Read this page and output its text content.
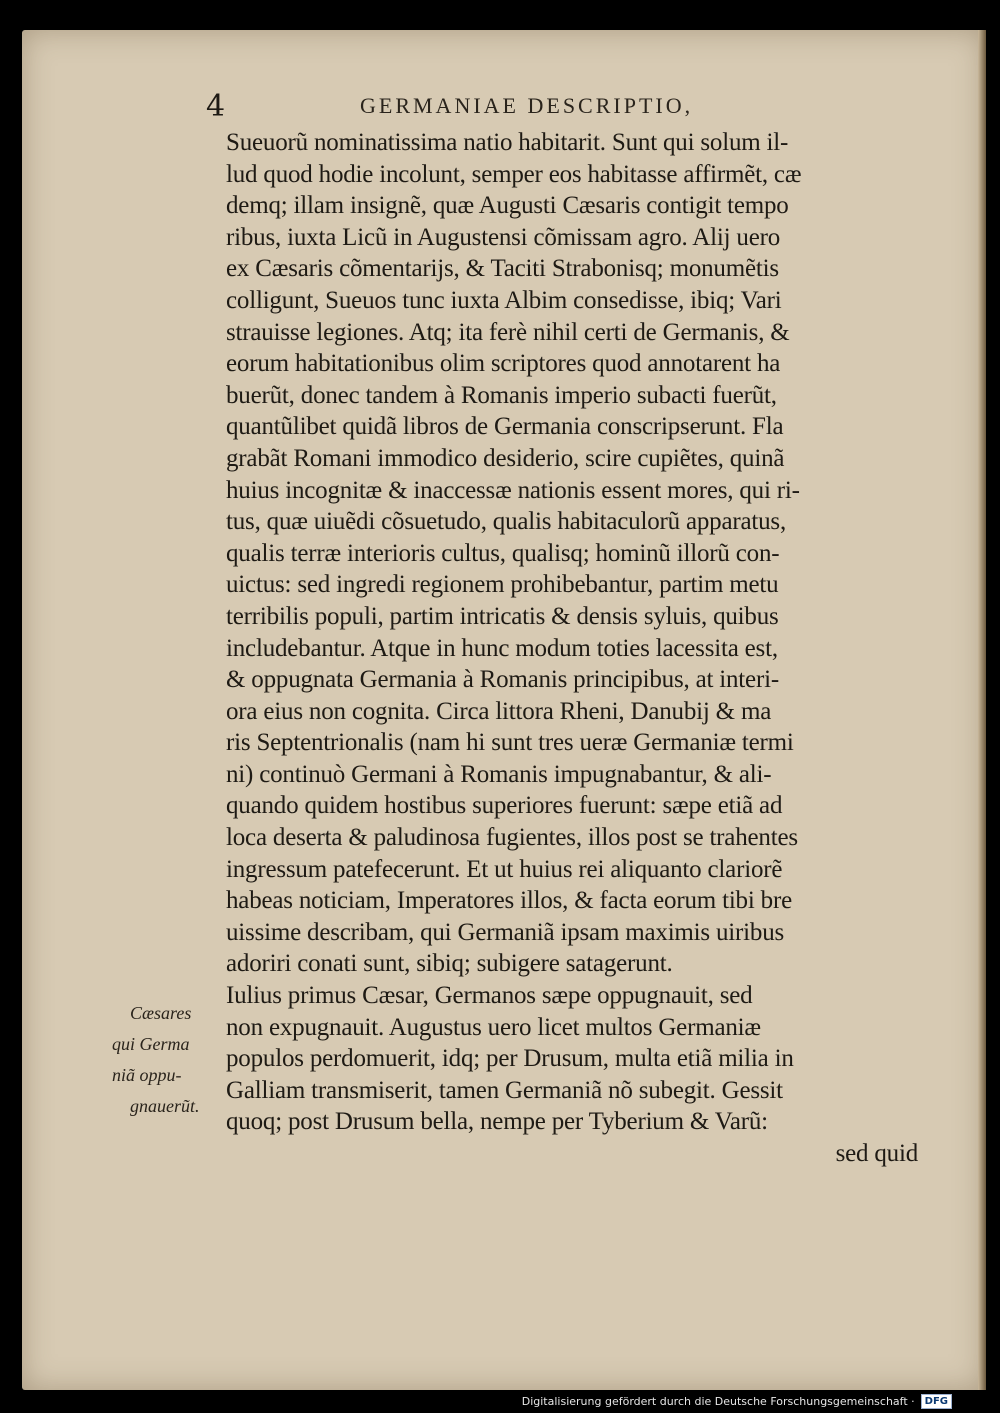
4	GERMANIAE DESCRIPTIO,
Sueuorũ nominatissima natio habitarit. Sunt qui solum il-
lud quod hodie incolunt, semper eos habitasse affirmẽt, cæ
demq; illam insignẽ, quæ Augusti Cæsaris contigit tempo
ribus, iuxta Licũ in Augustensi cõmissam agro. Alij uero
ex Cæsaris cõmentarijs, & Taciti Strabonisq; monumẽtis
colligunt, Sueuos tunc iuxta Albim consedisse, ibiq; Vari
strauisse legiones. Atq; ita ferè nihil certi de Germanis, &
eorum habitationibus olim scriptores quod annotarent ha
buerũt, donec tandem à Romanis imperio subacti fuerũt,
quantũlibet quidã libros de Germania conscripserunt. Fla
grabãt Romani immodico desiderio, scire cupiẽtes, quinã
huius incognitæ & inaccessæ nationis essent mores, qui ri-
tus, quæ uiuẽdi cõsuetudo, qualis habitaculorũ apparatus,
qualis terræ interioris cultus, qualisq; hominũ illorũ con-
uictus: sed ingredi regionem prohibebantur, partim metu
terribilis populi, partim intricatis & densis syluis, quibus
includebantur. Atque in hunc modum toties lacessita est,
& oppugnata Germania à Romanis principibus, at interi-
ora eius non cognita. Circa littora Rheni, Danubij & ma
ris Septentrionalis (nam hi sunt tres ueræ Germaniæ termi
ni) continuò Germani à Romanis impugnabantur, & ali-
quando quidem hostibus superiores fuerunt: sæpe etiã ad
loca deserta & paludinosa fugientes, illos post se trahentes
ingressum patefecerunt. Et ut huius rei aliquanto clariorẽ
habeas noticiam, Imperatores illos, & facta eorum tibi bre
uissime describam, qui Germaniã ipsam maximis uiribus
adoriri conati sunt, sibiq; subigere satagerunt.
Iulius primus Cæsar, Germanos sæpe oppugnauit, sed
non expugnauit. Augustus uero licet multos Germaniæ
populos perdomuerit, idq; per Drusum, multa etiã milia in
Galliam transmiserit, tamen Germaniã nõ subegit. Gessit
quoq; post Drusum bella, nempe per Tyberium & Varũ:
sed quid
Cæsares
qui Germa
niã oppu-
gnauerũt.
Digitalisierung gefördert durch die Deutsche Forschungsgemeinschaft ·	DFG
